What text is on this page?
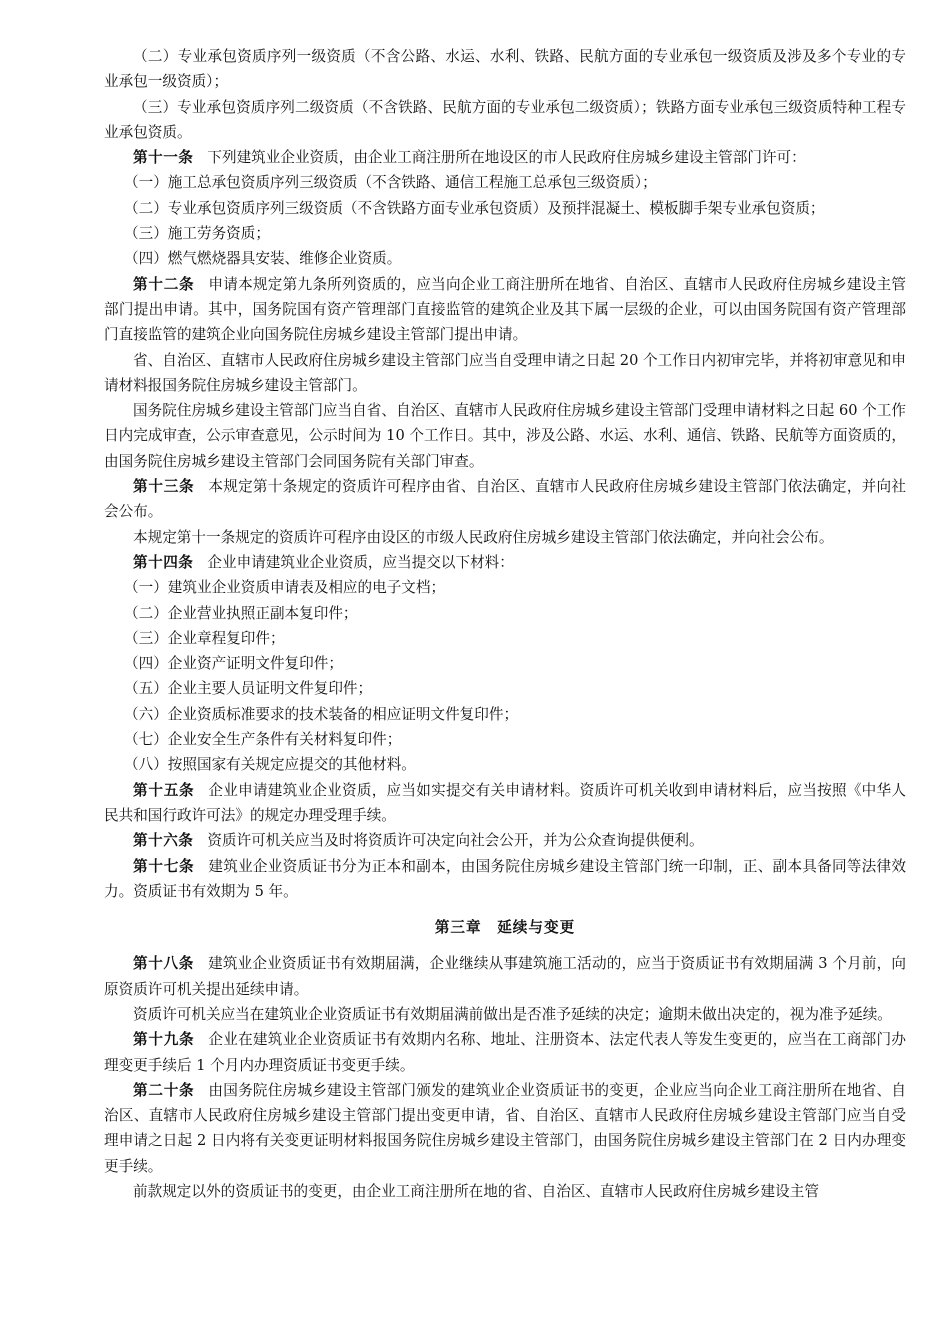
（二）专业承包资质序列一级资质（不含公路、水运、水利、铁路、民航方面的专业承包一级资质及涉及多个专业的专业承包一级资质）；

（三）专业承包资质序列二级资质（不含铁路、民航方面的专业承包二级资质）；铁路方面专业承包三级资质特种工程专业承包资质。

第十一条 下列建筑业企业资质，由企业工商注册所在地设区的市人民政府住房城乡建设主管部门许可：

（一）施工总承包资质序列三级资质（不含铁路、通信工程施工总承包三级资质）；

（二）专业承包资质序列三级资质（不含铁路方面专业承包资质）及预拌混凝土、模板脚手架专业承包资质；

（三）施工劳务资质；

（四）燃气燃烧器具安装、维修企业资质。

第十二条 申请本规定第九条所列资质的，应当向企业工商注册所在地省、自治区、直辖市人民政府住房城乡建设主管部门提出申请。其中，国务院国有资产管理部门直接监管的建筑企业及其下属一层级的企业，可以由国务院国有资产管理部门直接监管的建筑企业向国务院住房城乡建设主管部门提出申请。

省、自治区、直辖市人民政府住房城乡建设主管部门应当自受理申请之日起 20 个工作日内初审完毕，并将初审意见和申请材料报国务院住房城乡建设主管部门。

国务院住房城乡建设主管部门应当自省、自治区、直辖市人民政府住房城乡建设主管部门受理申请材料之日起 60 个工作日内完成审查，公示审查意见，公示时间为 10 个工作日。其中，涉及公路、水运、水利、通信、铁路、民航等方面资质的，由国务院住房城乡建设主管部门会同国务院有关部门审查。

第十三条 本规定第十条规定的资质许可程序由省、自治区、直辖市人民政府住房城乡建设主管部门依法确定，并向社会公布。

本规定第十一条规定的资质许可程序由设区的市级人民政府住房城乡建设主管部门依法确定，并向社会公布。

第十四条 企业申请建筑业企业资质，应当提交以下材料：

（一）建筑业企业资质申请表及相应的电子文档；

（二）企业营业执照正副本复印件；

（三）企业章程复印件；

（四）企业资产证明文件复印件；

（五）企业主要人员证明文件复印件；

（六）企业资质标准要求的技术装备的相应证明文件复印件；

（七）企业安全生产条件有关材料复印件；

（八）按照国家有关规定应提交的其他材料。

第十五条 企业申请建筑业企业资质，应当如实提交有关申请材料。资质许可机关收到申请材料后，应当按照《中华人民共和国行政许可法》的规定办理受理手续。

第十六条 资质许可机关应当及时将资质许可决定向社会公开，并为公众查询提供便利。

第十七条 建筑业企业资质证书分为正本和副本，由国务院住房城乡建设主管部门统一印制，正、副本具备同等法律效力。资质证书有效期为 5 年。

第三章　延续与变更

第十八条 建筑业企业资质证书有效期届满，企业继续从事建筑施工活动的，应当于资质证书有效期届满 3 个月前，向原资质许可机关提出延续申请。

资质许可机关应当在建筑业企业资质证书有效期届满前做出是否准予延续的决定；逾期未做出决定的，视为准予延续。

第十九条 企业在建筑业企业资质证书有效期内名称、地址、注册资本、法定代表人等发生变更的，应当在工商部门办理变更手续后 1 个月内办理资质证书变更手续。

第二十条 由国务院住房城乡建设主管部门颁发的建筑业企业资质证书的变更，企业应当向企业工商注册所在地省、自治区、直辖市人民政府住房城乡建设主管部门提出变更申请，省、自治区、直辖市人民政府住房城乡建设主管部门应当自受理申请之日起 2 日内将有关变更证明材料报国务院住房城乡建设主管部门，由国务院住房城乡建设主管部门在 2 日内办理变更手续。

前款规定以外的资质证书的变更，由企业工商注册所在地的省、自治区、直辖市人民政府住房城乡建设主管
